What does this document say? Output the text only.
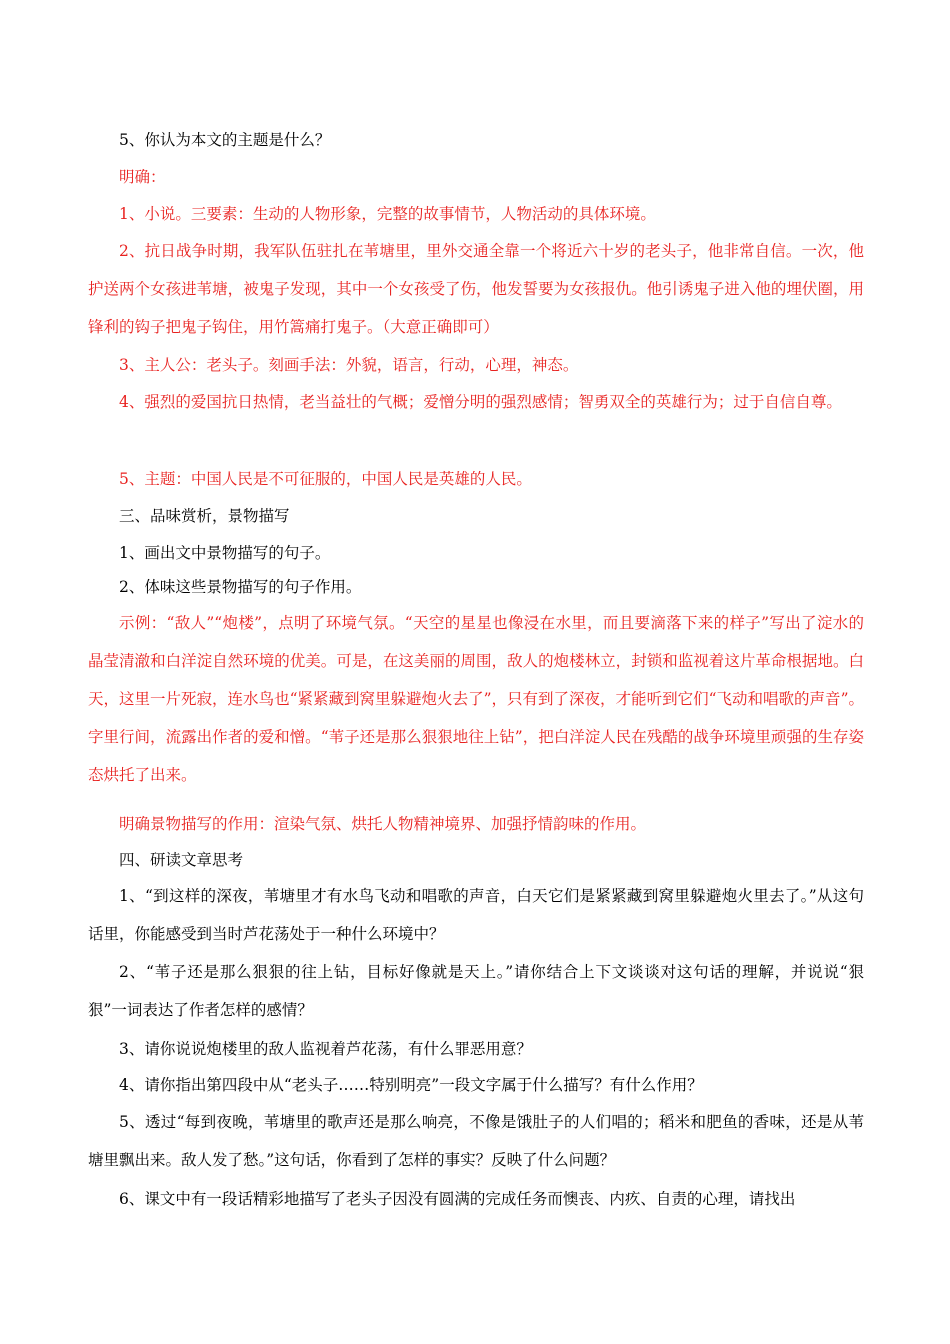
5、你认为本文的主题是什么？

明确：

1、小说。三要素：生动的人物形象，完整的故事情节，人物活动的具体环境。

2、抗日战争时期，我军队伍驻扎在苇塘里，里外交通全靠一个将近六十岁的老头子，他非常自信。一次，他护送两个女孩进苇塘，被鬼子发现，其中一个女孩受了伤，他发誓要为女孩报仇。他引诱鬼子进入他的埋伏圈，用锋利的钩子把鬼子钩住，用竹篙痛打鬼子。（大意正确即可）

3、主人公：老头子。刻画手法：外貌，语言，行动，心理，神态。

4、强烈的爱国抗日热情，老当益壮的气概；爱憎分明的强烈感情；智勇双全的英雄行为；过于自信自尊。

5、主题：中国人民是不可征服的，中国人民是英雄的人民。

三、品味赏析，景物描写

1、画出文中景物描写的句子。

2、体味这些景物描写的句子作用。

示例：“敌人”“炮楼”，点明了环境气氛。“天空的星星也像浸在水里，而且要滴落下来的样子”写出了淀水的晶莹清澈和白洋淀自然环境的优美。可是，在这美丽的周围，敌人的炮楼林立，封锁和监视着这片革命根据地。白天，这里一片死寂，连水鸟也“紧紧藏到窝里躲避炮火去了”，只有到了深夜，才能听到它们“飞动和唱歌的声音”。字里行间，流露出作者的爱和憎。“苇子还是那么狠狠地往上钻”，把白洋淀人民在残酷的战争环境里顽强的生存姿态烘托了出来。

明确景物描写的作用：渲染气氛、烘托人物精神境界、加强抒情韵味的作用。

四、研读文章思考

1、“到这样的深夜，苇塘里才有水鸟飞动和唱歌的声音，白天它们是紧紧藏到窝里躲避炮火里去了。”从这句话里，你能感受到当时芦花荡处于一种什么环境中？

2、“苇子还是那么狠狠的往上钻，目标好像就是天上。”请你结合上下文谈谈对这句话的理解，并说说“狠狠”一词表达了作者怎样的感情？

3、请你说说炮楼里的敌人监视着芦花荡，有什么罪恶用意？

4、请你指出第四段中从“老头子……特别明亮”一段文字属于什么描写？有什么作用？

5、透过“每到夜晚，苇塘里的歌声还是那么响亮，不像是饿肚子的人们唱的；稻米和肥鱼的香味，还是从苇塘里飘出来。敌人发了愁。”这句话，你看到了怎样的事实？反映了什么问题？

6、课文中有一段话精彩地描写了老头子因没有圆满的完成任务而懊丧、内疚、自责的心理，请找出
